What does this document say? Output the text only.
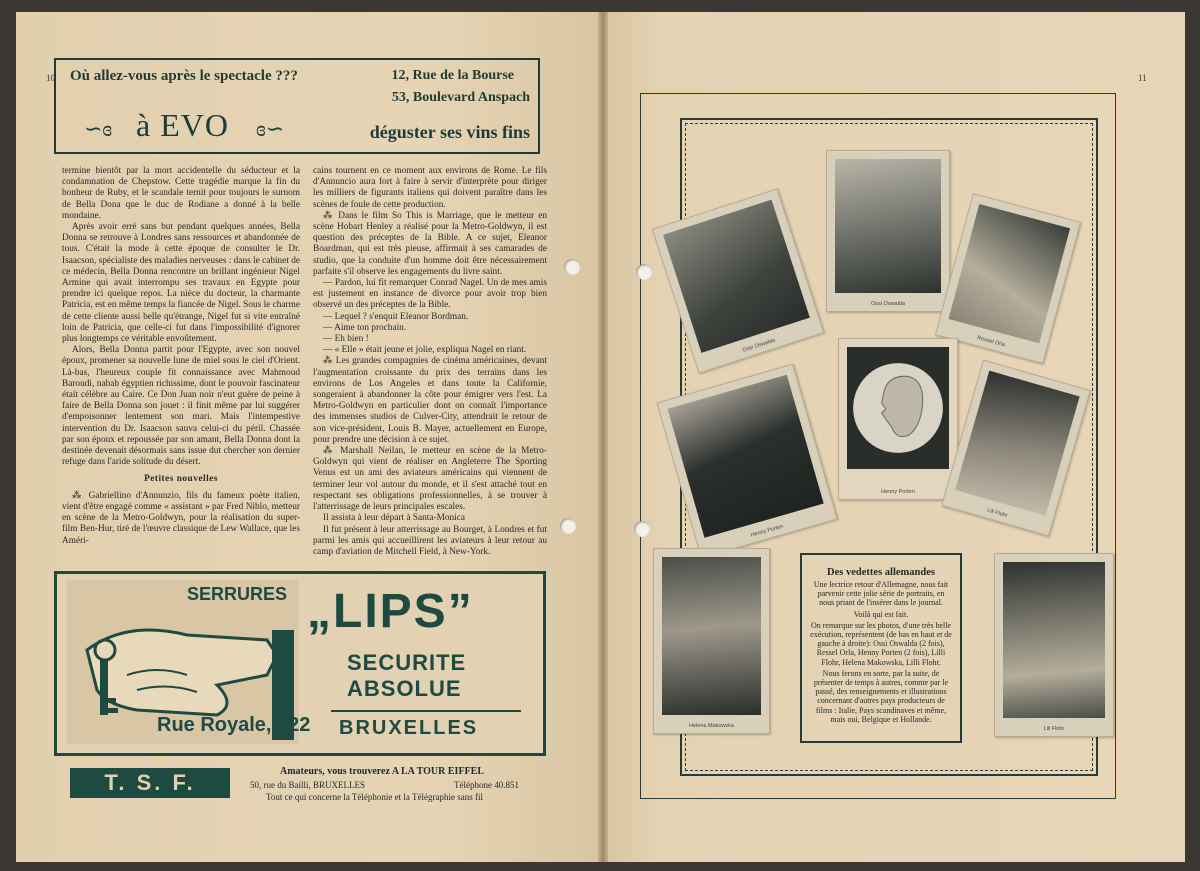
10	11
Où allez-vous après le spectacle ???	12, Rue de la Bourse
53, Boulevard Anspach
∽ɞ à EVO ɞ∽	déguster ses vins fins

termine bientôt par la mort accidentelle du séducteur et la condamnation de Chepstow. Cette tragédie marque la fin du bonheur de Ruby, et le scandale ternit pour toujours le surnom de Bella Dona que le duc de Rodiane a donné à la belle mondaine.

Après avoir erré sans but pendant quelques années, Bella Donna se retrouve à Londres sans ressources et abandonnée de tous. C'était la mode à cette époque de consulter le Dr. Isaacson, spécialiste des maladies nerveuses : dans le cabinet de ce médecin, Bella Donna rencontre un brillant ingénieur Nigel Armine qui avait interrompu ses travaux en Egypte pour prendre ici quelque repos. La nièce du docteur, la charmante Patricia, est en même temps la fiancée de Nigel. Sous le charme de cette cliente aussi belle qu'étrange, Nigel fut si vite entraîné loin de Patricia, que celle-ci fut dans l'impossibilité d'ignorer plus longtemps ce véritable envoûtement.

Alors, Bella Donna partit pour l'Egypte, avec son nouvel époux, promener sa nouvelle lune de miel sous le ciel d'Orient. Là-bas, l'heureux couple fit connaissance avec Mahmoud Baroudi, nabab égyptien richissime, dont le pouvoir fascinateur était célèbre au Caire. Ce Don Juan noir n'eut guère de peine à faire de Bella Donna son jouet : il finit même par lui suggérer d'empoisonner lentement son mari. Mais l'intempestive intervention du Dr. Isaacson sauva celui-ci du péril. Chassée par son époux et repoussée par son amant, Bella Donna dont la destinée devenait désormais sans issue dut chercher son dernier refuge dans l'aride solitude du désert.

Petites nouvelles

⁂ Gabriellino d'Annunzio, fils du fameux poète italien, vient d'être engagé comme « assistant » par Fred Niblo, metteur en scène de la Metro-Goldwyn, pour la réalisation du super-film Ben-Hur, tiré de l'œuvre classique de Lew Wallace, que les Améri-

cains tournent en ce moment aux environs de Rome. Le fils d'Annuncio aura fort à faire à servir d'interprète pour diriger les milliers de figurants italiens qui doivent paraître dans les scènes de foule de cette production.

⁂ Dans le film So This is Marriage, que le metteur en scène Hobart Henley a réalisé pour la Metro-Goldwyn, il est question des préceptes de la Bible. A ce sujet, Eleanor Boardman, qui est très pieuse, affirmait à ses camarades de studio, que la conduite d'un homme doit être nécessairement parfaite s'il observe les engagements du livre saint.

— Pardon, lui fit remarquer Conrad Nagel. Un de mes amis est justement en instance de divorce pour avoir trop bien observé un des préceptes de la Bible.

— Lequel ? s'enquit Eleanor Bordman.

— Aime ton prochain.

— Eh bien !

— « Elle » était jeune et jolie, expliqua Nagel en riant.

⁂ Les grandes compagnies de cinéma américaines, devant l'augmentation croissante du prix des terrains dans les environs de Los Angeles et dans toute la Californie, songeraient à abandonner la côte pour émigrer vers l'est. La Metro-Goldwyn en particulier dont on connaît l'importance des immenses studios de Culver-City, attendrait le retour de son vice-président, Louis B. Mayer, actuellement en Europe, pour prendre une décision à ce sujet.

⁂ Marshall Neilan, le metteur en scène de la Metro-Goldwyn qui vient de réaliser en Angleterre The Sporting Venus est un ami des aviateurs américains qui viennent de terminer leur vol autour du monde, et il s'est attaché tout en respectant ses obligations professionnelles, à se trouver à l'atterrissage de leurs principales escales.

Il assista à leur départ à Santa-Monica

Il fut présent à leur atterrissage au Bourget, à Londres et fut parmi les amis qui accueillirent les aviateurs à leur retour au camp d'aviation de Mitchell Field, à New-York.

SERRURES
Rue Royale, 222
„LIPS”
SECURITE
ABSOLUE
BRUXELLES
T. S. F.	Amateurs, vous trouverez A LA TOUR EIFFEL
50, rue du Bailli, BRUXELLES	Téléphone 40.851
Tout ce qui concerne la Téléphonie et la Télégraphie sans fil
Ossi Oswalda
Ossi Oswalda
Ressel Orla
Henny Porten
Henny Porten
Lili Flohr
Helena Makowska	Lili Flohr
Des vedettes allemandes

Une lectrice retour d'Allemagne, nous fait parvenir cette jolie série de portraits, en nous priant de l'insérer dans le journal.

Voilà qui est fait.

On remarque sur les photos, d'une très belle exécution, représentent (de bas en haut et de gauche à droite): Ossi Oswalda (2 fois), Ressel Orla, Henny Porten (2 fois), Lilli Flohr, Helena Makowska, Lilli Flohr.

Nous ferons en sorte, par la suite, de présenter de temps à autres, comme par le passé, des renseignements et illustrations concernant d'autres pays producteurs de films : Italie, Pays scandinaves et même, mais oui, Belgique et Hollande.
